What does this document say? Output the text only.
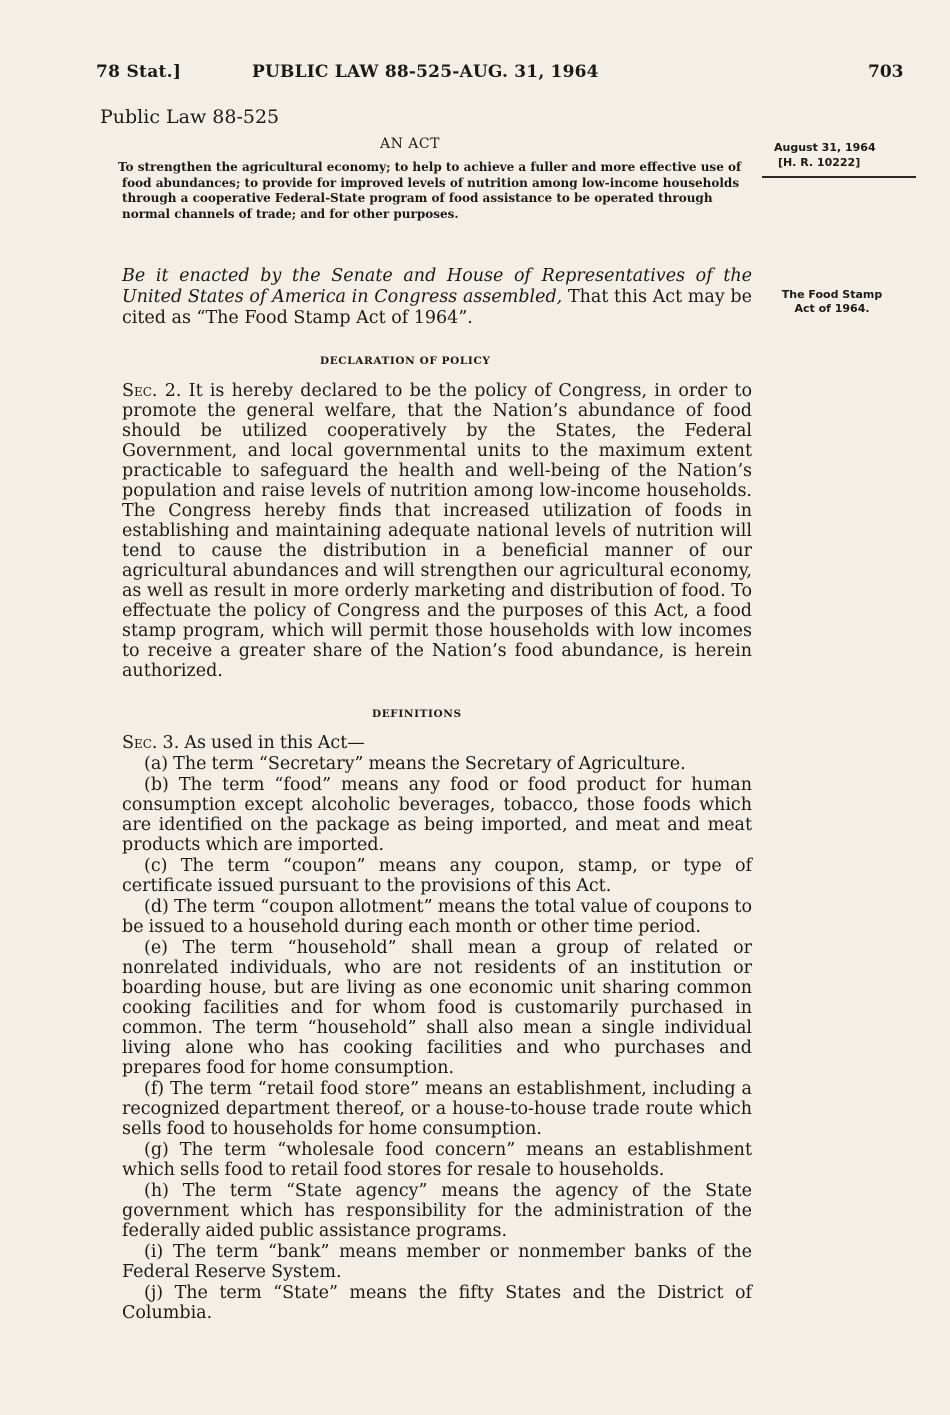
78 Stat.]	PUBLIC LAW 88-525-AUG. 31, 1964	703
Public Law 88-525
AN ACT
To strengthen the agricultural economy; to help to achieve a fuller and more effective use of food abundances; to provide for improved levels of nutrition among low-income households through a cooperative Federal-State program of food assistance to be operated through normal channels of trade; and for other purposes.
August 31, 1964
[H. R. 10222]
The Food Stamp
Act of 1964.
Be it enacted by the Senate and House of Representatives of the United States of America in Congress assembled, That this Act may be cited as “The Food Stamp Act of 1964”.
DECLARATION OF POLICY
Sec. 2. It is hereby declared to be the policy of Congress, in order to promote the general welfare, that the Nation’s abundance of food should be utilized cooperatively by the States, the Federal Government, and local governmental units to the maximum extent practicable to safeguard the health and well-being of the Nation’s population and raise levels of nutrition among low-income households. The Congress hereby finds that increased utilization of foods in establishing and maintaining adequate national levels of nutrition will tend to cause the distribution in a beneficial manner of our agricultural abundances and will strengthen our agricultural economy, as well as result in more orderly marketing and distribution of food. To effectuate the policy of Congress and the purposes of this Act, a food stamp program, which will permit those households with low incomes to receive a greater share of the Nation’s food abundance, is herein authorized.
DEFINITIONS

Sec. 3. As used in this Act—

(a) The term “Secretary” means the Secretary of Agriculture.

(b) The term “food” means any food or food product for human consumption except alcoholic beverages, tobacco, those foods which are identified on the package as being imported, and meat and meat products which are imported.

(c) The term “coupon” means any coupon, stamp, or type of certificate issued pursuant to the provisions of this Act.

(d) The term “coupon allotment” means the total value of coupons to be issued to a household during each month or other time period.

(e) The term “household” shall mean a group of related or nonrelated individuals, who are not residents of an institution or boarding house, but are living as one economic unit sharing common cooking facilities and for whom food is customarily purchased in common. The term “household” shall also mean a single individual living alone who has cooking facilities and who purchases and prepares food for home consumption.

(f) The term “retail food store” means an establishment, including a recognized department thereof, or a house-to-house trade route which sells food to households for home consumption.

(g) The term “wholesale food concern” means an establishment which sells food to retail food stores for resale to households.

(h) The term “State agency” means the agency of the State government which has responsibility for the administration of the federally aided public assistance programs.

(i) The term “bank” means member or nonmember banks of the Federal Reserve System.

(j) The term “State” means the fifty States and the District of Columbia.
